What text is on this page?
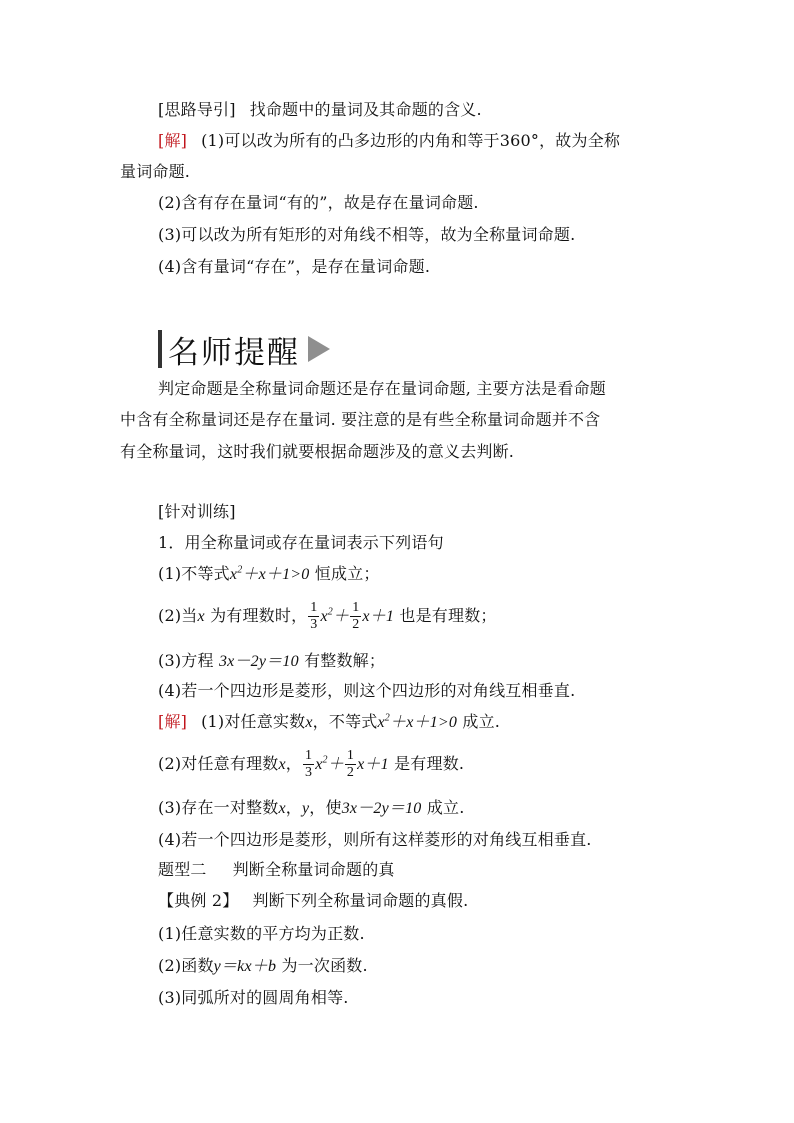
[思路导引] 找命题中的量词及其命题的含义.
[解] (1)可以改为所有的凸多边形的内角和等于360°，故为全称
量词命题.
(2)含有存在量词“有的”，故是存在量词命题.
(3)可以改为所有矩形的对角线不相等，故为全称量词命题.
(4)含有量词“存在”，是存在量词命题.
名师提醒
判定命题是全称量词命题还是存在量词命题, 主要方法是看命题
中含有全称量词还是存在量词. 要注意的是有些全称量词命题并不含
有全称量词，这时我们就要根据命题涉及的意义去判断.
[针对训练]
1．用全称量词或存在量词表示下列语句
(1)不等式$x^2+x+1>0$ 恒成立；
(2)当x 为有理数时， $\frac{1}{3} x^2+ \frac{1}{2} x+1$ 也是有理数；
(3)方程 3x－2y＝10 有整数解；
(4)若一个四边形是菱形，则这个四边形的对角线互相垂直.
[解] (1)对任意实数x，不等式$x^2+x+1>0$ 成立.
(2)对任意有理数x， $\frac{1}{3} x^2+ \frac{1}{2} x+1$ 是有理数.
(3)存在一对整数x，y，使3x－2y＝10 成立.
(4)若一个四边形是菱形，则所有这样菱形的对角线互相垂直.
题型二 判断全称量词命题的真
【典例 2】 判断下列全称量词命题的真假.
(1)任意实数的平方均为正数.
(2)函数y＝kx＋b 为一次函数.
(3)同弧所对的圆周角相等.
